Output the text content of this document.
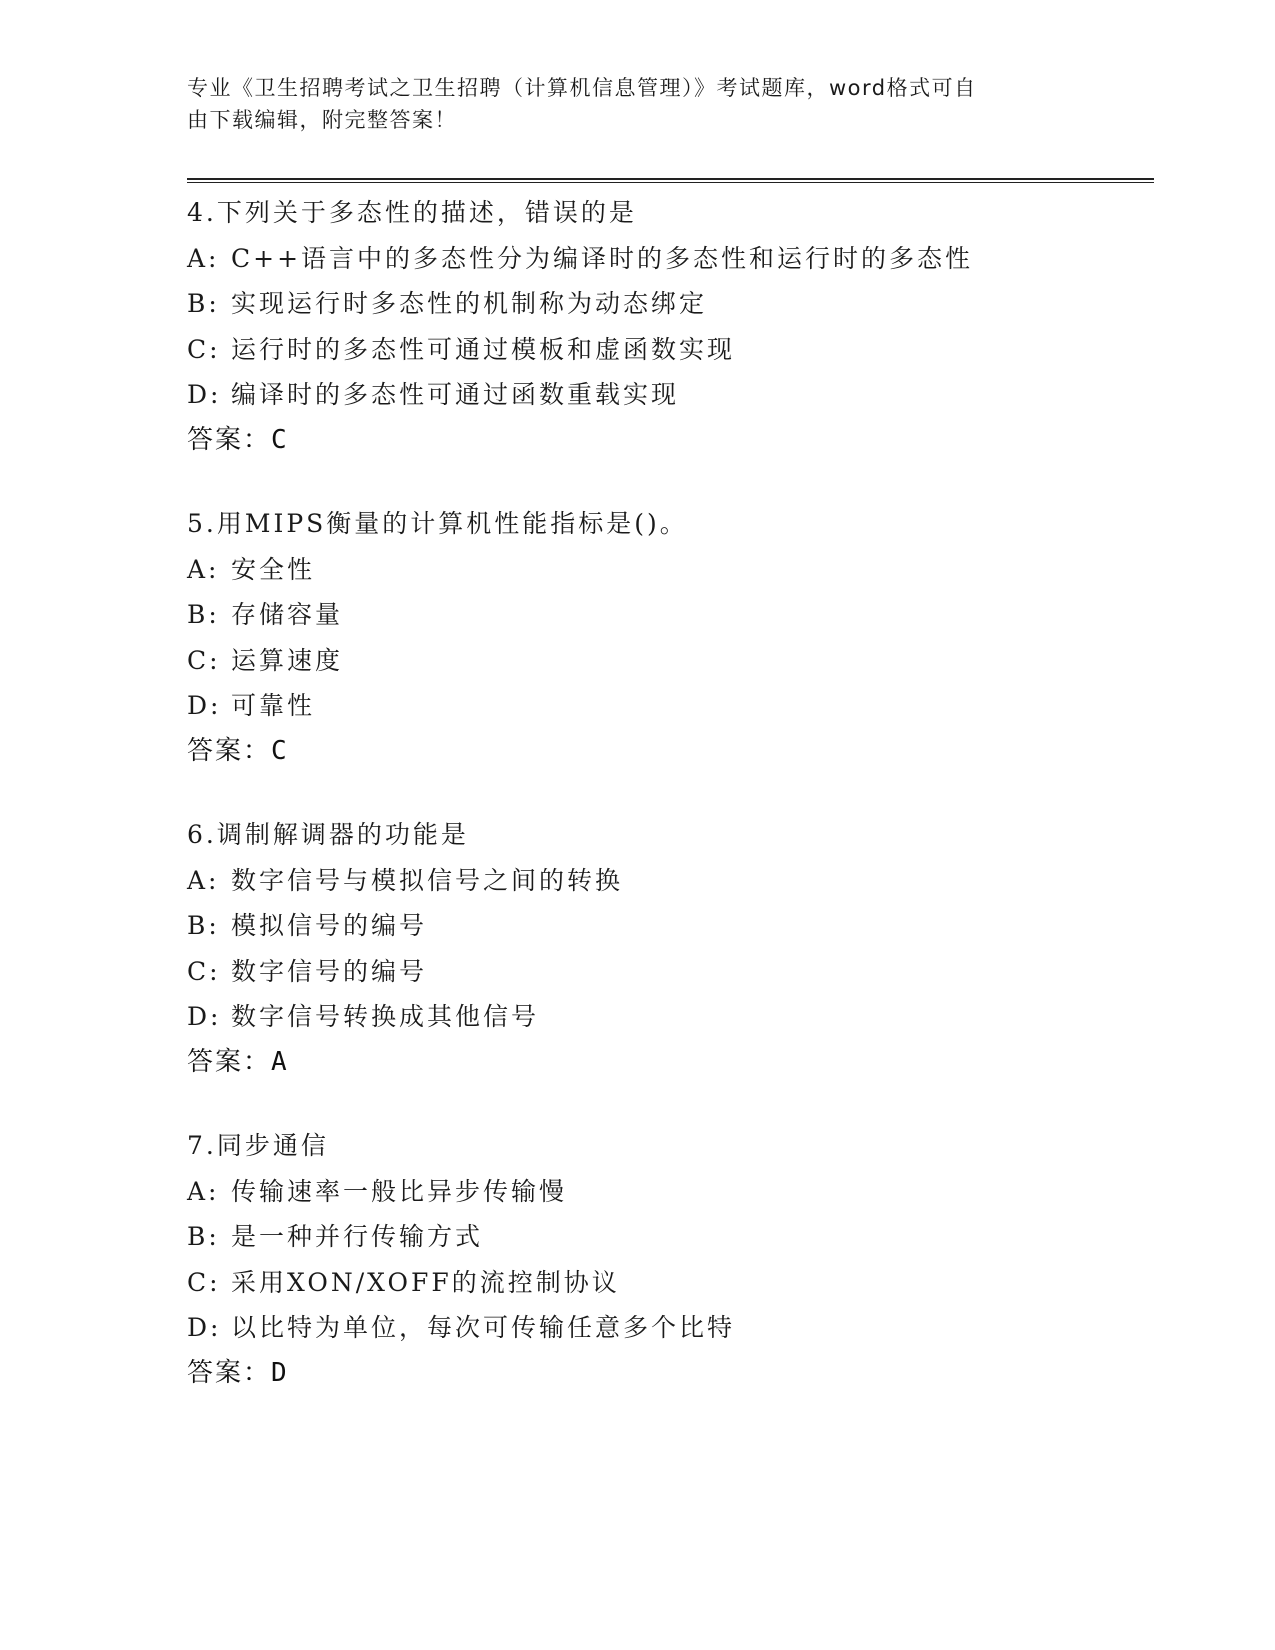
专业《卫生招聘考试之卫生招聘（计算机信息管理）》考试题库，word格式可自
由下载编辑，附完整答案！
4.下列关于多态性的描述，错误的是
A: C++语言中的多态性分为编译时的多态性和运行时的多态性
B: 实现运行时多态性的机制称为动态绑定
C: 运行时的多态性可通过模板和虚函数实现
D: 编译时的多态性可通过函数重载实现
答案：C
5.用MIPS衡量的计算机性能指标是()。
A: 安全性
B: 存储容量
C: 运算速度
D: 可靠性
答案：C
6.调制解调器的功能是
A: 数字信号与模拟信号之间的转换
B: 模拟信号的编号
C: 数字信号的编号
D: 数字信号转换成其他信号
答案：A
7.同步通信
A: 传输速率一般比异步传输慢
B: 是一种并行传输方式
C: 采用XON/XOFF的流控制协议
D: 以比特为单位，每次可传输任意多个比特
答案：D
